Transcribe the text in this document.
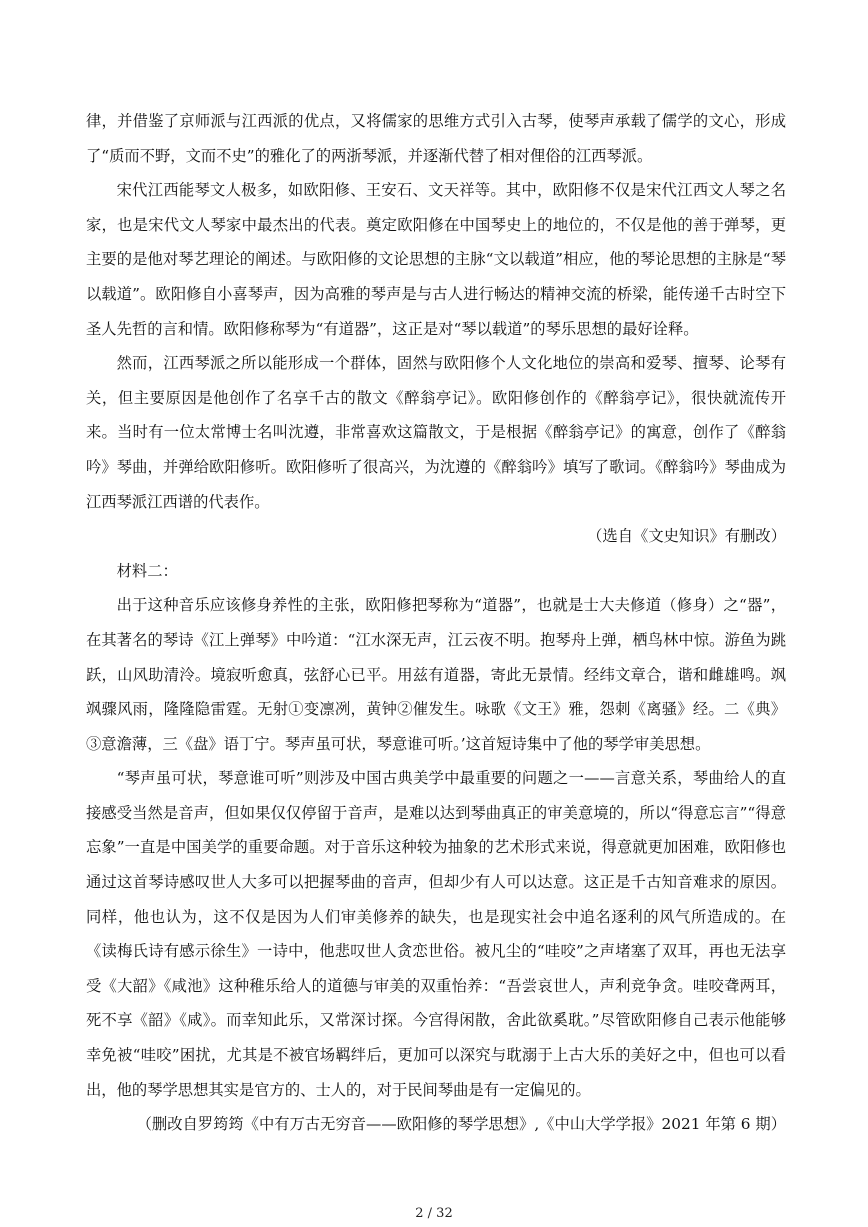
律，并借鉴了京师派与江西派的优点，又将儒家的思维方式引入古琴，使琴声承载了儒学的文心，形成了“质而不野，文而不史”的雅化了的两浙琴派，并逐渐代替了相对俚俗的江西琴派。

宋代江西能琴文人极多，如欧阳修、王安石、文天祥等。其中，欧阳修不仅是宋代江西文人琴之名家，也是宋代文人琴家中最杰出的代表。奠定欧阳修在中国琴史上的地位的，不仅是他的善于弹琴，更主要的是他对琴艺理论的阐述。与欧阳修的文论思想的主脉“文以载道”相应，他的琴论思想的主脉是“琴以载道”。欧阳修自小喜琴声，因为高雅的琴声是与古人进行畅达的精神交流的桥梁，能传递千古时空下圣人先哲的言和情。欧阳修称琴为“有道器”，这正是对“琴以载道”的琴乐思想的最好诠释。

然而，江西琴派之所以能形成一个群体，固然与欧阳修个人文化地位的崇高和爱琴、擅琴、论琴有关，但主要原因是他创作了名享千古的散文《醉翁亭记》。欧阳修创作的《醉翁亭记》，很快就流传开来。当时有一位太常博士名叫沈遵，非常喜欢这篇散文，于是根据《醉翁亭记》的寓意，创作了《醉翁吟》琴曲，并弹给欧阳修听。欧阳修听了很高兴，为沈遵的《醉翁吟》填写了歌词。《醉翁吟》琴曲成为江西琴派江西谱的代表作。

（选自《文史知识》有删改）

材料二：

出于这种音乐应该修身养性的主张，欧阳修把琴称为“道器”，也就是士大夫修道（修身）之“器”，在其著名的琴诗《江上弹琴》中吟道：“江水深无声，江云夜不明。抱琴舟上弹，栖鸟林中惊。游鱼为跳跃，山风助清泠。境寂听愈真，弦舒心已平。用兹有道器，寄此无景情。经纬文章合，谐和雌雄鸣。飒飒骤风雨，隆隆隐雷霆。无射①变凛冽，黄钟②催发生。咏歌《文王》雅，怨刺《离骚》经。二《典》③意澹薄，三《盘》语丁宁。琴声虽可状，琴意谁可听。’这首短诗集中了他的琴学审美思想。

“琴声虽可状，琴意谁可听”则涉及中国古典美学中最重要的问题之一——言意关系，琴曲给人的直接感受当然是音声，但如果仅仅停留于音声，是难以达到琴曲真正的审美意境的，所以“得意忘言”“得意忘象”一直是中国美学的重要命题。对于音乐这种较为抽象的艺术形式来说，得意就更加困难，欧阳修也通过这首琴诗感叹世人大多可以把握琴曲的音声，但却少有人可以达意。这正是千古知音难求的原因。同样，他也认为，这不仅是因为人们审美修养的缺失，也是现实社会中追名逐利的风气所造成的。在《读梅氏诗有感示徐生》一诗中，他悲叹世人贪恋世俗。被凡尘的“哇咬”之声堵塞了双耳，再也无法享受《大韶》《咸池》这种稚乐给人的道德与审美的双重怡养：“吾尝哀世人，声利竞争贪。哇咬聋两耳，死不享《韶》《咸》。而幸知此乐，又常深讨探。今宫得闲散，舍此欲奚耽。”尽管欧阳修自己表示他能够幸免被“哇咬”困扰，尤其是不被官场羁绊后，更加可以深究与耽溺于上古大乐的美好之中，但也可以看出，他的琴学思想其实是官方的、士人的，对于民间琴曲是有一定偏见的。

（删改自罗筠筠《中有万古无穷音——欧阳修的琴学思想》,《中山大学学报》2021 年第 6 期）

2 / 32
